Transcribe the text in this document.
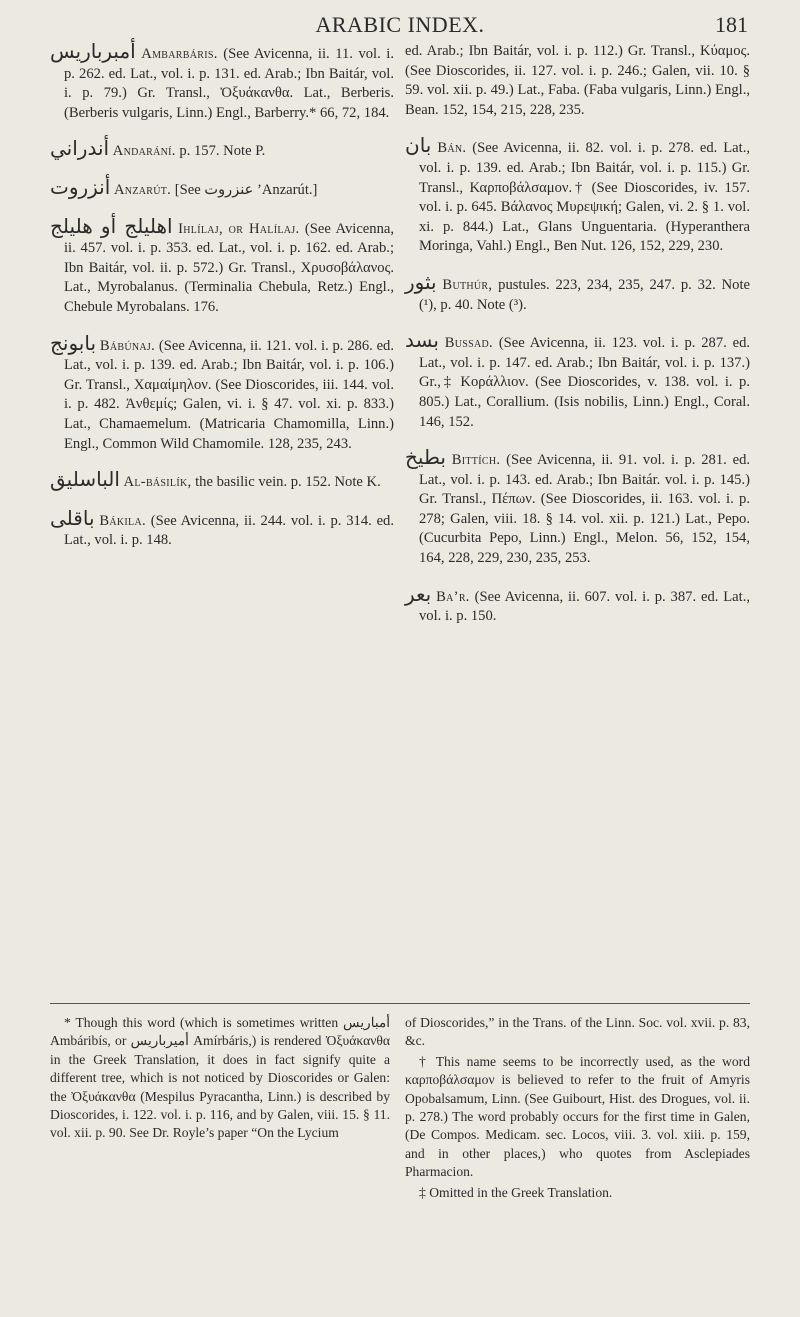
ARABIC INDEX.	181

أمبرباريس Ambarbáris. (See Avicenna, ii. 11. vol. i. p. 262. ed. Lat., vol. i. p. 131. ed. Arab.; Ibn Baitár, vol. i. p. 79.) Gr. Transl., Ὀξυάκανθα. Lat., Berberis. (Berberis vulgaris, Linn.) Engl., Barberry.* 66, 72, 184.

أندراني Andarání. p. 157. Note P.

أنزروت Anzarút. [See عنزروت ’Anzarút.]

اهليلج أو هليلج Ihlílaj, or Halílaj. (See Avicenna, ii. 457. vol. i. p. 353. ed. Lat., vol. i. p. 162. ed. Arab.; Ibn Baitár, vol. ii. p. 572.) Gr. Transl., Χρυσοβάλανος. Lat., Myrobalanus. (Terminalia Chebula, Retz.) Engl., Chebule Myrobalans. 176.

بابونج Bábúnaj. (See Avicenna, ii. 121. vol. i. p. 286. ed. Lat., vol. i. p. 139. ed. Arab.; Ibn Baitár, vol. i. p. 106.) Gr. Transl., Χαμαίμηλον. (See Dioscorides, iii. 144. vol. i. p. 482. Ἀνθεμίς; Galen, vi. i. § 47. vol. xi. p. 833.) Lat., Chamaemelum. (Matricaria Chamomilla, Linn.) Engl., Common Wild Chamomile. 128, 235, 243.

الباسليق Al-básilík, the basilic vein. p. 152. Note K.

باقلى Bákila. (See Avicenna, ii. 244. vol. i. p. 314. ed. Lat., vol. i. p. 148.

ed. Arab.; Ibn Baitár, vol. i. p. 112.) Gr. Transl., Κύαμος. (See Dioscorides, ii. 127. vol. i. p. 246.; Galen, vii. 10. § 59. vol. xii. p. 49.) Lat., Faba. (Faba vulgaris, Linn.) Engl., Bean. 152, 154, 215, 228, 235.

بان Bán. (See Avicenna, ii. 82. vol. i. p. 278. ed. Lat., vol. i. p. 139. ed. Arab.; Ibn Baitár, vol. i. p. 115.) Gr. Transl., Καρποβάλσαμον.† (See Dioscorides, iv. 157. vol. i. p. 645. Βάλανος Μυρεψική; Galen, vi. 2. § 1. vol. xi. p. 844.) Lat., Glans Unguentaria. (Hyperanthera Moringa, Vahl.) Engl., Ben Nut. 126, 152, 229, 230.

بثور Buthúr, pustules. 223, 234, 235, 247. p. 32. Note (¹), p. 40. Note (³).

بسد Bussad. (See Avicenna, ii. 123. vol. i. p. 287. ed. Lat., vol. i. p. 147. ed. Arab.; Ibn Baitár, vol. i. p. 137.) Gr.,‡ Κοράλλιον. (See Dioscorides, v. 138. vol. i. p. 805.) Lat., Corallium. (Isis nobilis, Linn.) Engl., Coral. 146, 152.

بطيخ Bittích. (See Avicenna, ii. 91. vol. i. p. 281. ed. Lat., vol. i. p. 143. ed. Arab.; Ibn Baitár. vol. i. p. 145.) Gr. Transl., Πέπων. (See Dioscorides, ii. 163. vol. i. p. 278; Galen, viii. 18. § 14. vol. xii. p. 121.) Lat., Pepo. (Cucurbita Pepo, Linn.) Engl., Melon. 56, 152, 154, 164, 228, 229, 230, 235, 253.

بعر Ba’r. (See Avicenna, ii. 607. vol. i. p. 387. ed. Lat., vol. i. p. 150.

* Though this word (which is sometimes written أمباريس Ambáribís, or أميرباريس Amírbáris,) is rendered Ὀξυάκανθα in the Greek Translation, it does in fact signify quite a different tree, which is not noticed by Dioscorides or Galen: the Ὀξυάκανθα (Mespilus Pyracantha, Linn.) is described by Dioscorides, i. 122. vol. i. p. 116, and by Galen, viii. 15. § 11. vol. xii. p. 90. See Dr. Royle’s paper “On the Lycium

of Dioscorides,” in the Trans. of the Linn. Soc. vol. xvii. p. 83, &c.

† This name seems to be incorrectly used, as the word καρποβάλσαμον is believed to refer to the fruit of Amyris Opobalsamum, Linn. (See Guibourt, Hist. des Drogues, vol. ii. p. 278.) The word probably occurs for the first time in Galen, (De Compos. Medicam. sec. Locos, viii. 3. vol. xiii. p. 159, and in other places,) who quotes from Asclepiades Pharmacion.

‡ Omitted in the Greek Translation.
